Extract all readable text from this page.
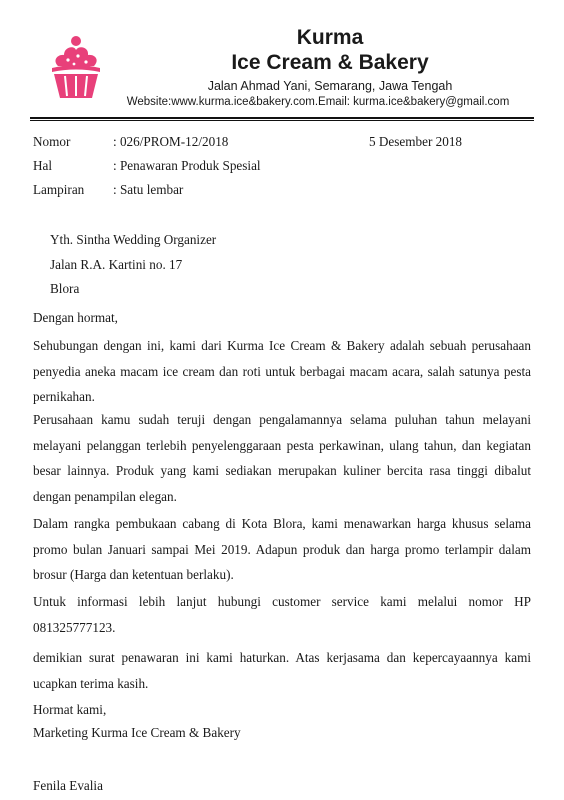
Kurma
Ice Cream & Bakery
Jalan Ahmad Yani, Semarang, Jawa Tengah
Website:www.kurma.ice&bakery.com.Email: kurma.ice&bakery@gmail.com
Nomor	: 026/PROM-12/2018	5 Desember 2018
Hal	: Penawaran Produk Spesial
Lampiran	: Satu lembar
Yth. Sintha Wedding Organizer
Jalan R.A. Kartini no. 17
Blora
Dengan hormat,
Sehubungan dengan ini, kami dari Kurma Ice Cream & Bakery adalah sebuah perusahaan penyedia aneka macam ice cream dan roti untuk berbagai macam acara, salah satunya pesta pernikahan.
Perusahaan kamu sudah teruji dengan pengalamannya selama puluhan tahun melayani melayani pelanggan terlebih penyelenggaraan pesta perkawinan, ulang tahun, dan kegiatan besar lainnya. Produk yang kami sediakan merupakan kuliner bercita rasa tinggi dibalut dengan penampilan elegan.
Dalam rangka pembukaan cabang di Kota Blora, kami menawarkan harga khusus selama promo bulan Januari sampai Mei 2019. Adapun produk dan harga promo terlampir dalam brosur (Harga dan ketentuan berlaku).
Untuk informasi lebih lanjut hubungi customer service kami melalui nomor HP 081325777123.
demikian surat penawaran ini kami haturkan. Atas kerjasama dan kepercayaannya kami ucapkan terima kasih.
Hormat kami,
Marketing Kurma Ice Cream & Bakery
Fenila Evalia
